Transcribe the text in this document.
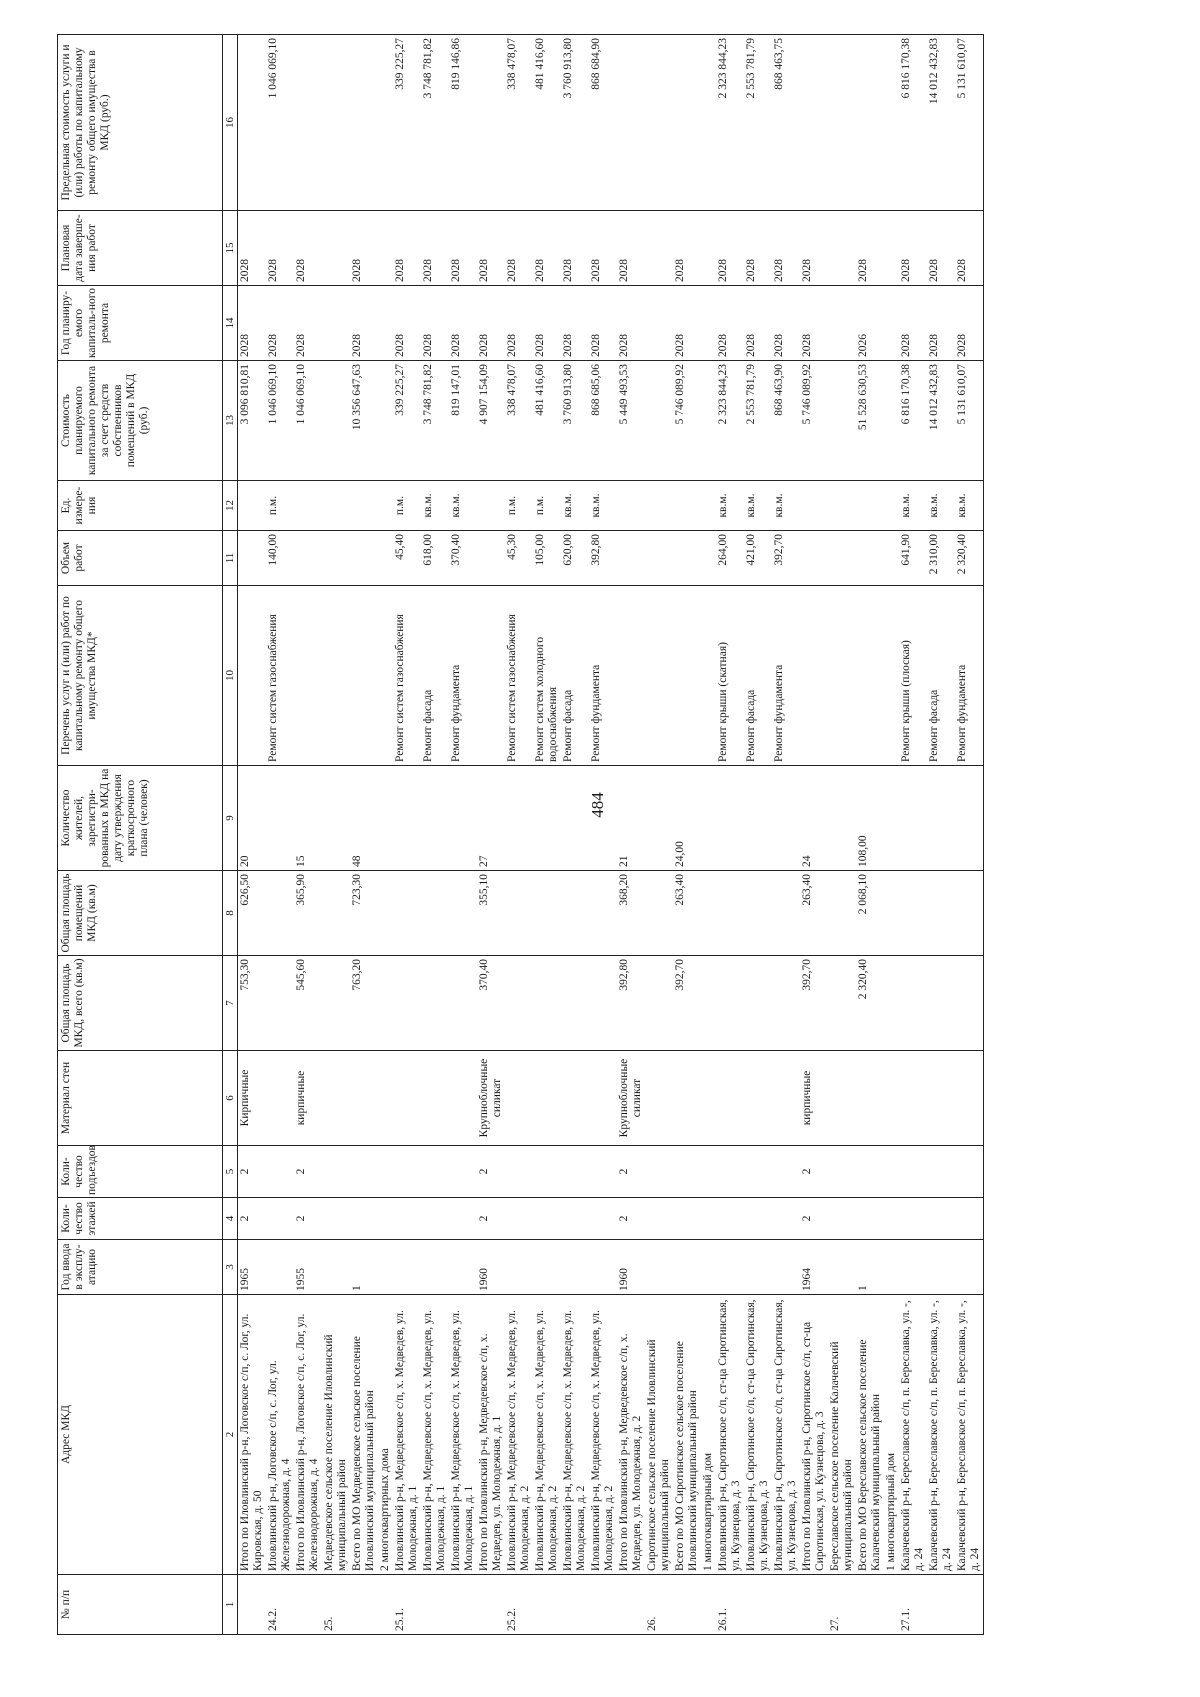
484
№ п/п	Адрес МКД	Год ввода в эксплу-атацию	Коли-чество этажей	Коли-чество подъездов	Материал стен	Общая площадь МКД, всего (кв.м)	Общая площадь помещений МКД (кв.м)	Количество жителей, зарегистри-рованных в МКД на дату утверждения краткосрочного плана (человек)	Перечень услуг и (или) работ по капитальному ремонту общего имущества МКД*	Объем работ	Ед. измере-ния	Стоимость планируемого капитального ремонта за счет средств собственников помещений в МКД (руб.)	Год планиру-емого капиталь-ного ремонта	Плановая дата заверше-ния работ	Предельная стоимость услуги и (или) работы по капитальному ремонту общего имущества в МКД (руб.)
1	2	3	4	5	6	7	8	9	10	11	12	13	14	15	16
	Итого по Иловлинский р-н, Логовское с/п, с. Лог, ул. Кировская, д. 50	1965	2	2	Кирпичные	753,30	626,50	20				3 096 810,81	2028	2028	
24.2.	Иловлинский р-н, Логовское с/п, с. Лог, ул. Железнодорожная, д. 4								Ремонт систем газоснабжения	140,00	п.м.	1 046 069,10	2028	2028	1 046 069,10
	Итого по Иловлинский р-н, Логовское с/п, с. Лог, ул. Железнодорожная, д. 4	1955	2	2	кирпичные	545,60	365,90	15				1 046 069,10	2028	2028	
25.	Медведевское сельское поселение Иловлинский муниципальный район														
	Всего по МО Медведевское сельское поселение Иловлинский муниципальный район	1				763,20	723,30	48				10 356 647,63	2028	2028	
	2 многоквартирных дома														
25.1.	Иловлинский р-н, Медведевское с/п, х. Медведев, ул. Молодежная, д. 1								Ремонт систем газоснабжения	45,40	п.м.	339 225,27	2028	2028	339 225,27
	Иловлинский р-н, Медведевское с/п, х. Медведев, ул. Молодежная, д. 1								Ремонт фасада	618,00	кв.м.	3 748 781,82	2028	2028	3 748 781,82
	Иловлинский р-н, Медведевское с/п, х. Медведев, ул. Молодежная, д. 1								Ремонт фундамента	370,40	кв.м.	819 147,01	2028	2028	819 146,86
	Итого по Иловлинский р-н, Медведевское с/п, х. Медведев, ул. Молодежная, д. 1	1960	2	2	Крупноблочные силикат	370,40	355,10	27				4 907 154,09	2028	2028	
25.2.	Иловлинский р-н, Медведевское с/п, х. Медведев, ул. Молодежная, д. 2								Ремонт систем газоснабжения	45,30	п.м.	338 478,07	2028	2028	338 478,07
	Иловлинский р-н, Медведевское с/п, х. Медведев, ул. Молодежная, д. 2								Ремонт систем холодного водоснабжения	105,00	п.м.	481 416,60	2028	2028	481 416,60
	Иловлинский р-н, Медведевское с/п, х. Медведев, ул. Молодежная, д. 2								Ремонт фасада	620,00	кв.м.	3 760 913,80	2028	2028	3 760 913,80
	Иловлинский р-н, Медведевское с/п, х. Медведев, ул. Молодежная, д. 2								Ремонт фундамента	392,80	кв.м.	868 685,06	2028	2028	868 684,90
	Итого по Иловлинский р-н, Медведевское с/п, х. Медведев, ул. Молодежная, д. 2	1960	2	2	Крупноблочные силикат	392,80	368,20	21				5 449 493,53	2028	2028	
26.	Сиротинское сельское поселение Иловлинский муниципальный район														
	Всего по МО Сиротинское сельское поселение Иловлинский муниципальный район					392,70	263,40	24,00				5 746 089,92	2028	2028	
	1 многоквартирный дом														
26.1.	Иловлинский р-н, Сиротинское с/п, ст-ца Сиротинская, ул. Кузнецова, д. 3								Ремонт крыши (скатная)	264,00	кв.м.	2 323 844,23	2028	2028	2 323 844,23
	Иловлинский р-н, Сиротинское с/п, ст-ца Сиротинская, ул. Кузнецова, д. 3								Ремонт фасада	421,00	кв.м.	2 553 781,79	2028	2028	2 553 781,79
	Иловлинский р-н, Сиротинское с/п, ст-ца Сиротинская, ул. Кузнецова, д. 3								Ремонт фундамента	392,70	кв.м.	868 463,90	2028	2028	868 463,75
	Итого по Иловлинский р-н, Сиротинское с/п, ст-ца Сиротинская, ул. Кузнецова, д. 3	1964	2	2	кирпичные	392,70	263,40	24				5 746 089,92	2028	2028	
27.	Береславское сельское поселение Калачевский муниципальный район														
	Всего по МО Береславское сельское поселение Калачевский муниципальный район	1				2 320,40	2 068,10	108,00				51 528 630,53	2026	2028	
	1 многоквартирный дом														
27.1.	Калачевский р-н, Береславское с/п, п. Береславка, ул. -, д. 24								Ремонт крыши (плоская)	641,90	кв.м.	6 816 170,38	2028	2028	6 816 170,38
	Калачевский р-н, Береславское с/п, п. Береславка, ул. -, д. 24								Ремонт фасада	2 310,00	кв.м.	14 012 432,83	2028	2028	14 012 432,83
	Калачевский р-н, Береславское с/п, п. Береславка, ул. -, д. 24								Ремонт фундамента	2 320,40	кв.м.	5 131 610,07	2028	2028	5 131 610,07
